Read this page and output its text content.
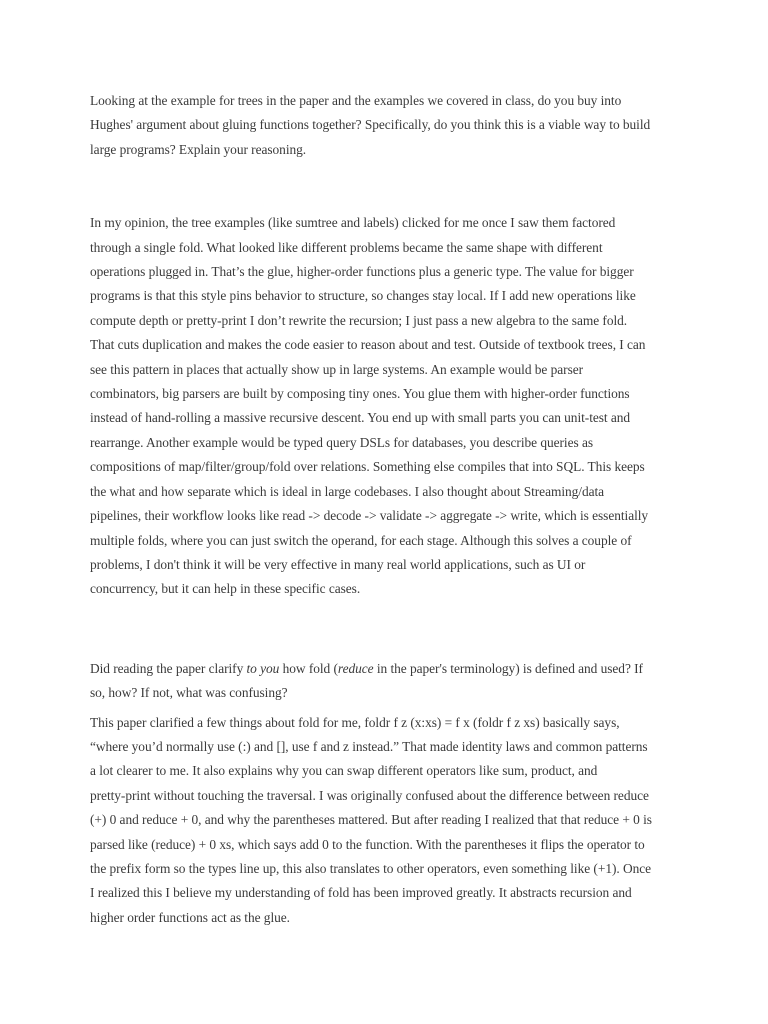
Looking at the example for trees in the paper and the examples we covered in class, do you buy into
Hughes' argument about gluing functions together? Specifically, do you think this is a viable way to build
large programs? Explain your reasoning.

In my opinion, the tree examples (like sumtree and labels) clicked for me once I saw them factored
through a single fold. What looked like different problems became the same shape with different
operations plugged in. That’s the glue, higher-order functions plus a generic type. The value for bigger
programs is that this style pins behavior to structure, so changes stay local. If I add new operations like
compute depth or pretty-print I don’t rewrite the recursion; I just pass a new algebra to the same fold.
That cuts duplication and makes the code easier to reason about and test. Outside of textbook trees, I can
see this pattern in places that actually show up in large systems. An example would be parser
combinators, big parsers are built by composing tiny ones. You glue them with higher-order functions
instead of hand-rolling a massive recursive descent. You end up with small parts you can unit-test and
rearrange. Another example would be typed query DSLs for databases, you describe queries as
compositions of map/filter/group/fold over relations. Something else compiles that into SQL. This keeps
the what and how separate which is ideal in large codebases. I also thought about Streaming/data
pipelines, their workflow looks like read -> decode -> validate -> aggregate -> write, which is essentially
multiple folds, where you can just switch the operand, for each stage. Although this solves a couple of
problems, I don't think it will be very effective in many real world applications, such as UI or
concurrency, but it can help in these specific cases.

Did reading the paper clarify to you how fold (reduce in the paper's terminology) is defined and used? If
so, how? If not, what was confusing?

This paper clarified a few things about fold for me, foldr f z (x:xs) = f x (foldr f z xs) basically says,
“where you’d normally use (:) and [], use f and z instead.” That made identity laws and common patterns
a lot clearer to me. It also explains why you can swap different operators like sum, product, and
pretty-print without touching the traversal. I was originally confused about the difference between reduce
(+) 0 and reduce + 0, and why the parentheses mattered. But after reading I realized that that reduce + 0 is
parsed like (reduce) + 0 xs, which says add 0 to the function. With the parentheses it flips the operator to
the prefix form so the types line up, this also translates to other operators, even something like (+1). Once
I realized this I believe my understanding of fold has been improved greatly. It abstracts recursion and
higher order functions act as the glue.
